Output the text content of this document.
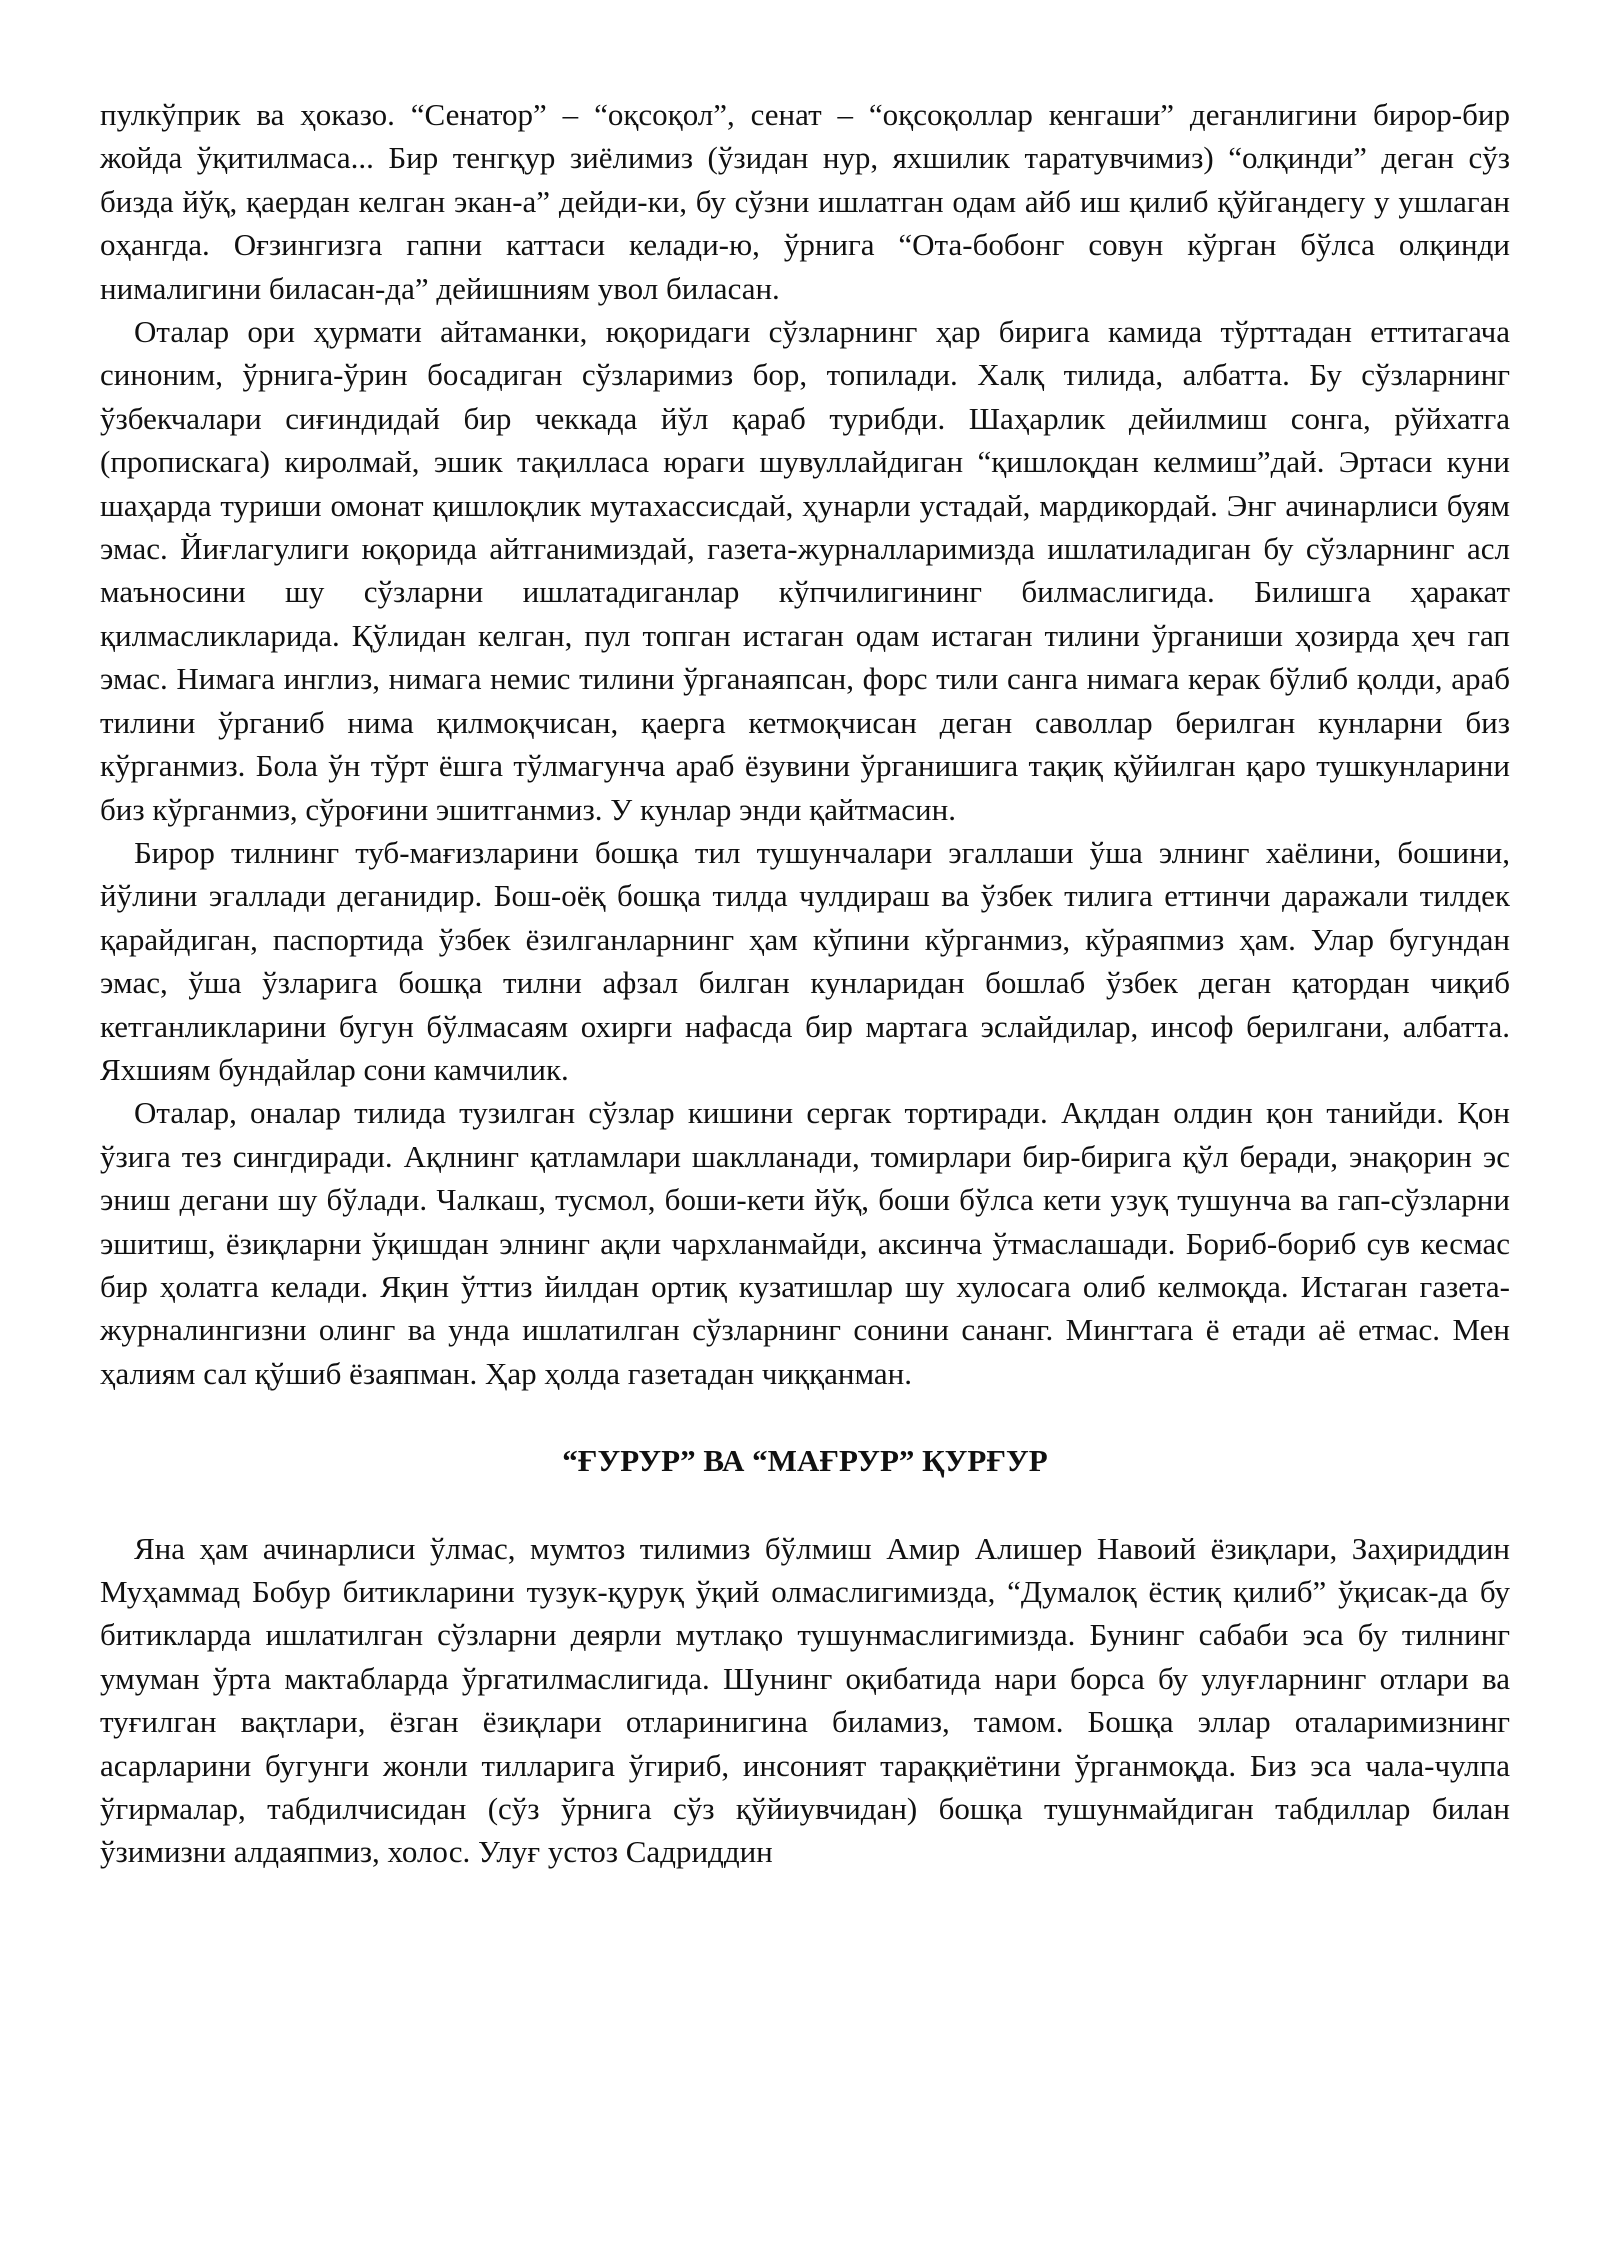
пулкўприк ва ҳоказо. “Сенатор” – “оқсоқол”, сенат – “оқсоқоллар кенгаши” деганлигини бирор-бир жойда ўқитилмаса... Бир тенгқур зиёлимиз (ўзидан нур, яхшилик таратувчимиз) “олқинди” деган сўз бизда йўқ, қаердан келган экан-а” дейди-ки, бу сўзни ишлатган одам айб иш қилиб қўйгандегу у ушлаган оҳангда. Оғзингизга гапни каттаси келади-ю, ўрнига “Ота-бобонг совун кўрган бўлса олқинди нималигини биласан-да” дейишниям увол биласан.

Оталар ори ҳурмати айтаманки, юқоридаги сўзларнинг ҳар бирига камида тўрттадан еттитагача синоним, ўрнига-ўрин босадиган сўзларимиз бор, топилади. Халқ тилида, албатта. Бу сўзларнинг ўзбекчалари сиғиндидай бир чеккада йўл қараб турибди. Шаҳарлик дейилмиш сонга, рўйхатга (пропискага) киролмай, эшик тақилласа юраги шувуллайдиган “қишлоқдан келмиш”дай. Эртаси куни шаҳарда туриши омонат қишлоқлик мутахассисдай, ҳунарли устадай, мардикордай. Энг ачинарлиси буям эмас. Йиғлагулиги юқорида айтганимиздай, газета-журналларимизда ишлатиладиган бу сўзларнинг асл маъносини шу сўзларни ишлатадиганлар кўпчилигининг билмаслигида. Билишга ҳаракат қилмасликларида. Қўлидан келган, пул топган истаган одам истаган тилини ўрганиши ҳозирда ҳеч гап эмас. Нимага инглиз, нимага немис тилини ўрганаяпсан, форс тили санга нимага керак бўлиб қолди, араб тилини ўрганиб нима қилмоқчисан, қаерга кетмоқчисан деган саволлар берилган кунларни биз кўрганмиз. Бола ўн тўрт ёшга тўлмагунча араб ёзувини ўрганишига тақиқ қўйилган қаро тушкунларини биз кўрганмиз, сўроғини эшитганмиз. У кунлар энди қайтмасин.

Бирор тилнинг туб-мағизларини бошқа тил тушунчалари эгаллаши ўша элнинг хаёлини, бошини, йўлини эгаллади деганидир. Бош-оёқ бошқа тилда чулдираш ва ўзбек тилига еттинчи даражали тилдек қарайдиган, паспортида ўзбек ёзилганларнинг ҳам кўпини кўрганмиз, кўраяпмиз ҳам. Улар бугундан эмас, ўша ўзларига бошқа тилни афзал билган кунларидан бошлаб ўзбек деган қатордан чиқиб кетганликларини бугун бўлмасаям охирги нафасда бир мартага эслайдилар, инсоф берилгани, албатта. Яхшиям бундайлар сони камчилик.

Оталар, оналар тилида тузилган сўзлар кишини сергак тортиради. Ақлдан олдин қон танийди. Қон ўзига тез сингдиради. Ақлнинг қатламлари шаклланади, томирлари бир-бирига қўл беради, энақорин эс эниш дегани шу бўлади. Чалкаш, тусмол, боши-кети йўқ, боши бўлса кети узуқ тушунча ва гап-сўзларни эшитиш, ёзиқларни ўқишдан элнинг ақли чархланмайди, аксинча ўтмаслашади. Бориб-бориб сув кесмас бир ҳолатга келади. Яқин ўттиз йилдан ортиқ кузатишлар шу хулосага олиб келмоқда. Истаган газета-журналингизни олинг ва унда ишлатилган сўзларнинг сонини сананг. Мингтага ё етади аё етмас. Мен ҳалиям сал қўшиб ёзаяпман. Ҳар ҳолда газетадан чиққанман.

“ҒУРУР” ВА “МАҒРУР” ҚУРҒУР

Яна ҳам ачинарлиси ўлмас, мумтоз тилимиз бўлмиш Амир Алишер Навоий ёзиқлари, Заҳириддин Муҳаммад Бобур битикларини тузук-қуруқ ўқий олмаслигимизда, “Думалоқ ёстиқ қилиб” ўқисак-да бу битикларда ишлатилган сўзларни деярли мутлақо тушунмаслигимизда. Бунинг сабаби эса бу тилнинг умуман ўрта мактабларда ўргатилмаслигида. Шунинг оқибатида нари борса бу улуғларнинг отлари ва туғилган вақтлари, ёзган ёзиқлари отларинигина биламиз, тамом. Бошқа эллар оталаримизнинг асарларини бугунги жонли тилларига ўгириб, инсоният тараққиётини ўрганмоқда. Биз эса чала-чулпа ўгирмалар, табдилчисидан (сўз ўрнига сўз қўйиувчидан) бошқа тушунмайдиган табдиллар билан ўзимизни алдаяпмиз, холос. Улуғ устоз Садриддин
